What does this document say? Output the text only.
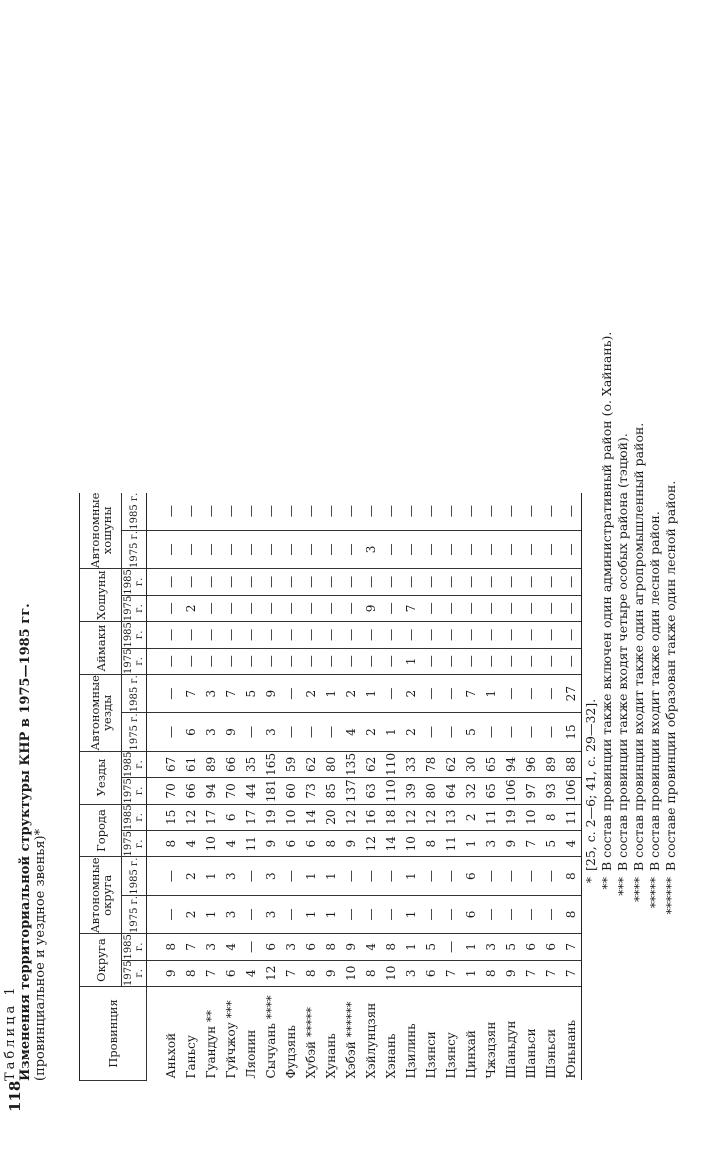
118
Таблица 1 Изменения территориальной структуры КНР в 1975—1985 гг. (провинциальное и уездное звенья)*	Провинция	Округа		Автономные округа		Города		Уезды		Автономные уезды		Аймаки		Хошуны		Автономные хошуны	
	1975 г.	1985 г.	1975 г.	1985 г.	1975 г.	1985 г.	1975 г.	1985 г.	1975 г.	1985 г.	1975 г.	1985 г.	1975 г.	1985 г.	1975 г.	1985 г.
Аньхой	9	8	—	—	8	15	70	67	—	—	—	—	—	—	—	—
Ганьсу	8	7	2	2	4	12	66	61	6	7	—	—	2	—	—	—
Гуандун **	7	3	1	1	10	17	94	89	3	3	—	—	—	—	—	—
Гуйчжоу ***	6	4	3	3	4	6	70	66	9	7	—	—	—	—	—	—
Ляонин	4	—	—	—	11	17	44	35	—	5	—	—	—	—	—	—
Сычуань ****	12	6	3	3	9	19	181	165	3	9	—	—	—	—	—	—
Фуцзянь	7	3	—	—	6	10	60	59	—	—	—	—	—	—	—	—
Хубэй *****	8	6	1	1	6	14	73	62	—	2	—	—	—	—	—	—
Хунань	9	8	1	1	8	20	85	80	—	1	—	—	—	—	—	—
Хэбэй ******	10	9	—	—	9	12	137	135	4	2	—	—	—	—	—	—
Хэйлунцзян	8	4	—	—	12	16	63	62	2	1	—	—	9	—	3	—
Хэнань	10	8	—	—	14	18	110	110	1	—	—	—	—	—	—	—
Цзилинь	3	1	1	1	10	12	39	33	2	2	1	—	7	—	—	—
Цзянси	6	5	—	—	8	12	80	78	—	—	—	—	—	—	—	—
Цзянсу	7	—	—	—	11	13	64	62	—	—	—	—	—	—	—	—
Цинхай	1	1	6	6	1	2	32	30	5	7	—	—	—	—	—	—
Чжэцзян	8	3	—	—	3	11	65	65	—	1	—	—	—	—	—	—
Шаньдун	9	5	—	—	9	19	106	94	—	—	—	—	—	—	—	—
Шаньси	7	6	—	—	7	10	97	96	—	—	—	—	—	—	—	—
Шэньси	7	6	—	—	5	8	93	89	—	—	—	—	—	—	—	—
Юньнань	7	7	8	8	4	11	106	88	15	27	—	—	—	—	—	—
*[25, с. 2—6; 41, с. 29—32].
**В состав провинции также включен один административный район (о. Хайнань).
***В состав провинции также входят четыре особых района (тэцюй).
****В состав провинции входит также один агропромышленный район.
*****В состав провинции входит также один лесной район.
******В составе провинции образован также один лесной район.
